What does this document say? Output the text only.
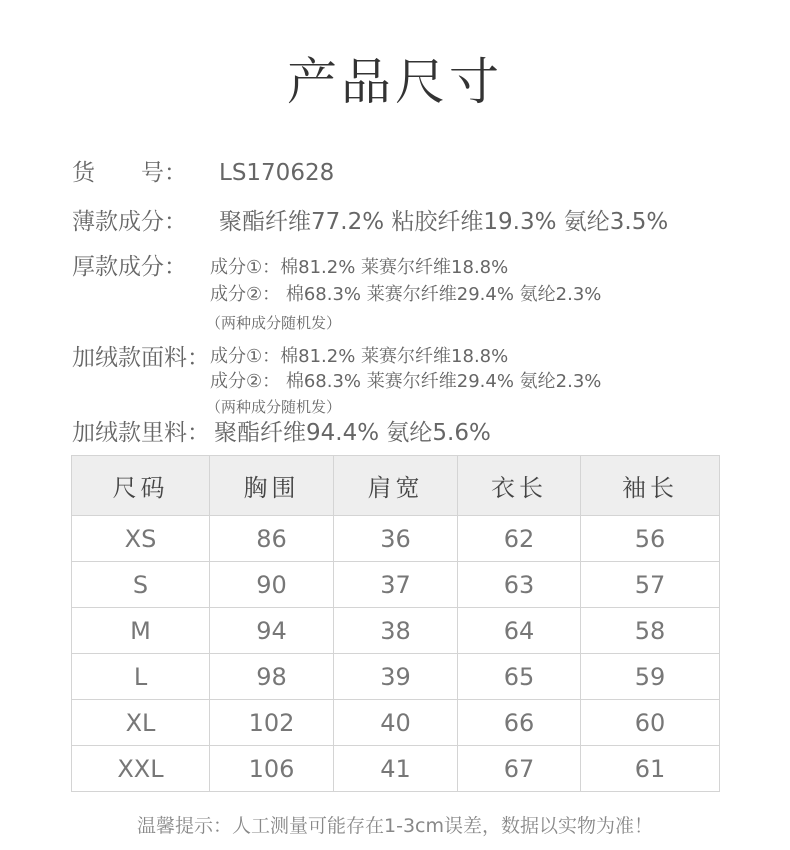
产品尺寸
货　　号： LS170628
薄款成分： 聚酯纤维77.2% 粘胶纤维19.3% 氨纶3.5%
厚款成分： 成分①：棉81.2% 莱赛尔纤维18.8%
成分②： 棉68.3% 莱赛尔纤维29.4% 氨纶2.3%
（两种成分随机发）
加绒款面料： 成分①：棉81.2% 莱赛尔纤维18.8%
成分②： 棉68.3% 莱赛尔纤维29.4% 氨纶2.3%
（两种成分随机发）
加绒款里料： 聚酯纤维94.4% 氨纶5.6%
尺码	胸围	肩宽	衣长	袖长
XS	86	36	62	56
S	90	37	63	57
M	94	38	64	58
L	98	39	65	59
XL	102	40	66	60
XXL	106	41	67	61
温馨提示：人工测量可能存在1-3cm误差，数据以实物为准！
